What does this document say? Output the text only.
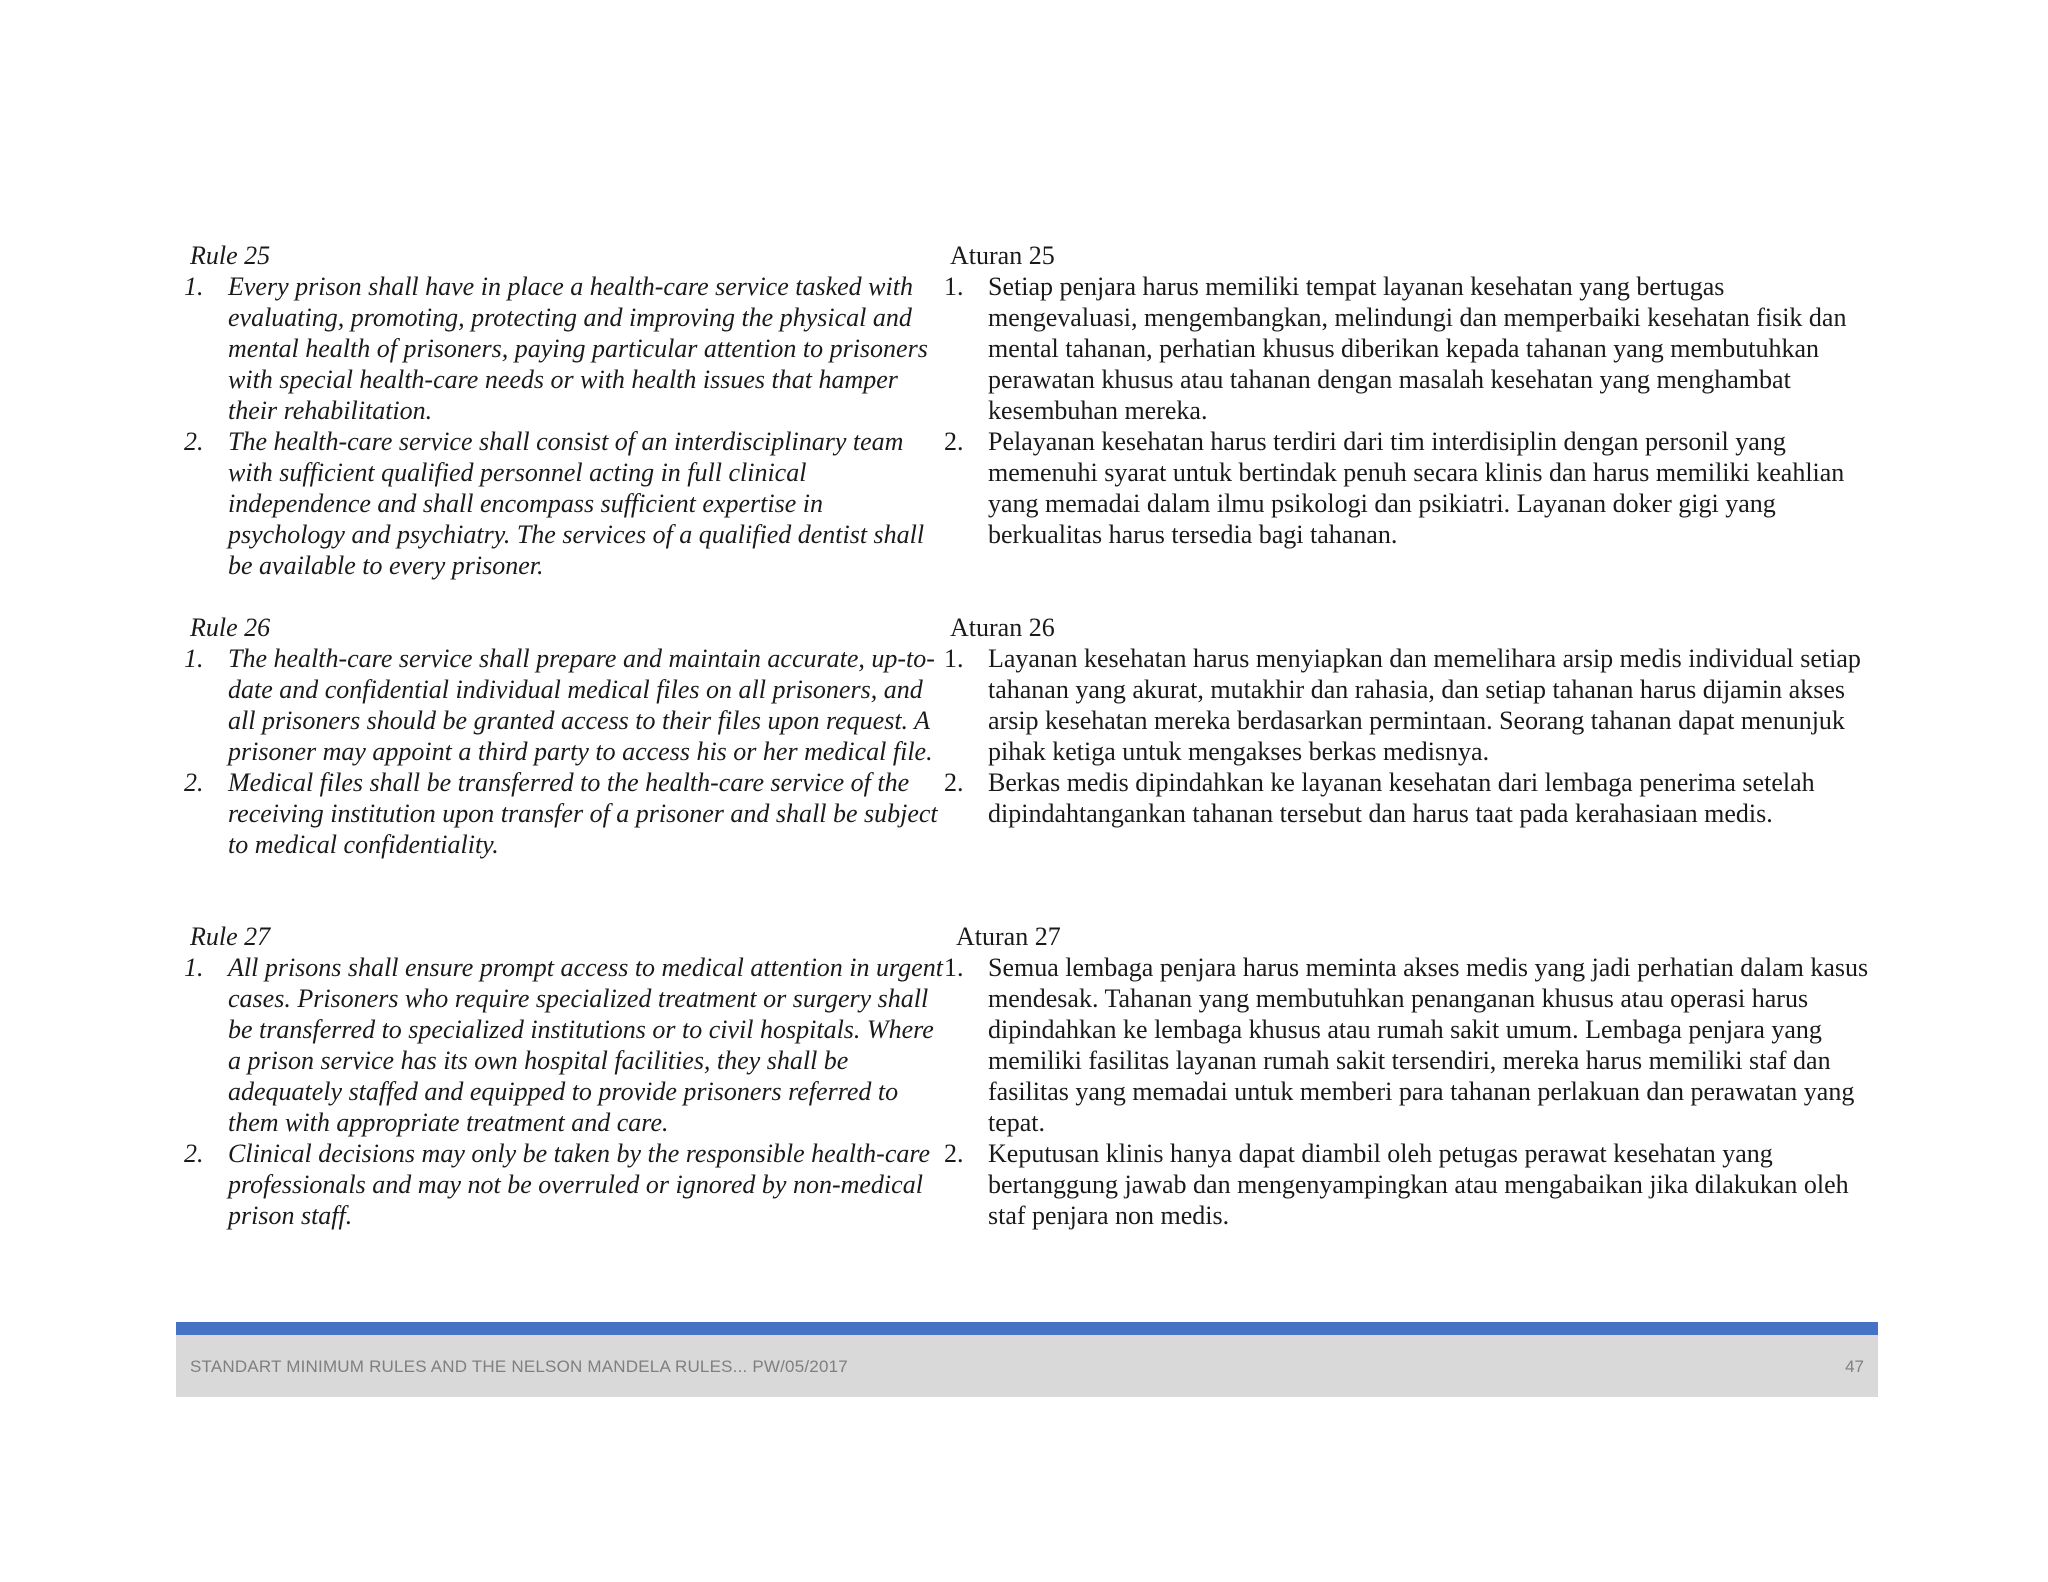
Rule 25
1. Every prison shall have in place a health-care service tasked with evaluating, promoting, protecting and improving the physical and mental health of prisoners, paying particular attention to prisoners with special health-care needs or with health issues that hamper their rehabilitation.
2. The health-care service shall consist of an interdisciplinary team with sufficient qualified personnel acting in full clinical independence and shall encompass sufficient expertise in psychology and psychiatry. The services of a qualified dentist shall be available to every prisoner.
Rule 26
1. The health-care service shall prepare and maintain accurate, up-to-date and confidential individual medical files on all prisoners, and all prisoners should be granted access to their files upon request. A prisoner may appoint a third party to access his or her medical file.
2. Medical files shall be transferred to the health-care service of the receiving institution upon transfer of a prisoner and shall be subject to medical confidentiality.
Rule 27
1. All prisons shall ensure prompt access to medical attention in urgent cases. Prisoners who require specialized treatment or surgery shall be transferred to specialized institutions or to civil hospitals. Where a prison service has its own hospital facilities, they shall be adequately staffed and equipped to provide prisoners referred to them with appropriate treatment and care.
2. Clinical decisions may only be taken by the responsible health-care professionals and may not be overruled or ignored by non-medical prison staff.
Aturan 25
1. Setiap penjara harus memiliki tempat layanan kesehatan yang bertugas mengevaluasi, mengembangkan, melindungi dan memperbaiki kesehatan fisik dan mental tahanan, perhatian khusus diberikan kepada tahanan yang membutuhkan perawatan khusus atau tahanan dengan masalah kesehatan yang menghambat kesembuhan mereka.
2. Pelayanan kesehatan harus terdiri dari tim interdisiplin dengan personil yang memenuhi syarat untuk bertindak penuh secara klinis dan harus memiliki keahlian yang memadai dalam ilmu psikologi dan psikiatri. Layanan doker gigi yang berkualitas harus tersedia bagi tahanan.
Aturan 26
1. Layanan kesehatan harus menyiapkan dan memelihara arsip medis individual setiap tahanan yang akurat, mutakhir dan rahasia, dan setiap tahanan harus dijamin akses arsip kesehatan mereka berdasarkan permintaan. Seorang tahanan dapat menunjuk pihak ketiga untuk mengakses berkas medisnya.
2. Berkas medis dipindahkan ke layanan kesehatan dari lembaga penerima setelah dipindahtangankan tahanan tersebut dan harus taat pada kerahasiaan medis.
Aturan 27
1. Semua lembaga penjara harus meminta akses medis yang jadi perhatian dalam kasus mendesak. Tahanan yang membutuhkan penanganan khusus atau operasi harus dipindahkan ke lembaga khusus atau rumah sakit umum. Lembaga penjara yang memiliki fasilitas layanan rumah sakit tersendiri, mereka harus memiliki staf dan fasilitas yang memadai untuk memberi para tahanan perlakuan dan perawatan yang tepat.
2. Keputusan klinis hanya dapat diambil oleh petugas perawat kesehatan yang bertanggung jawab dan mengenyampingkan atau mengabaikan jika dilakukan oleh staf penjara non medis.
STANDART MINIMUM RULES AND THE NELSON MANDELA RULES... PW/05/2017	47
